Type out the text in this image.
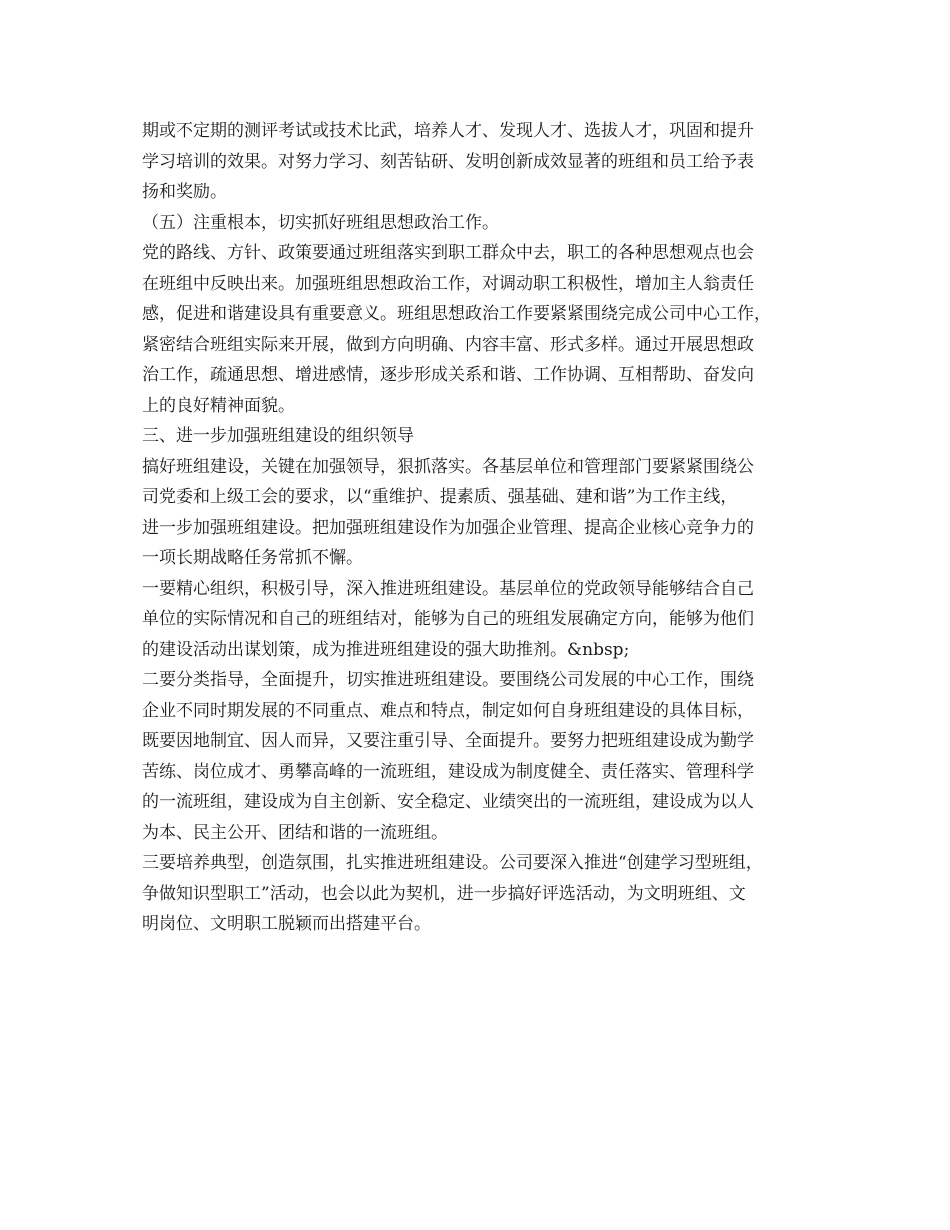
期或不定期的测评考试或技术比武，培养人才、发现人才、选拔人才，巩固和提升
学习培训的效果。对努力学习、刻苦钻研、发明创新成效显著的班组和员工给予表
扬和奖励。
（五）注重根本，切实抓好班组思想政治工作。
党的路线、方针、政策要通过班组落实到职工群众中去，职工的各种思想观点也会
在班组中反映出来。加强班组思想政治工作，对调动职工积极性，增加主人翁责任
感，促进和谐建设具有重要意义。班组思想政治工作要紧紧围绕完成公司中心工作，
紧密结合班组实际来开展，做到方向明确、内容丰富、形式多样。通过开展思想政
治工作，疏通思想、增进感情，逐步形成关系和谐、工作协调、互相帮助、奋发向
上的良好精神面貌。
三、进一步加强班组建设的组织领导
搞好班组建设，关键在加强领导，狠抓落实。各基层单位和管理部门要紧紧围绕公
司党委和上级工会的要求，以“重维护、提素质、强基础、建和谐”为工作主线，
进一步加强班组建设。把加强班组建设作为加强企业管理、提高企业核心竞争力的
一项长期战略任务常抓不懈。
一要精心组织，积极引导，深入推进班组建设。基层单位的党政领导能够结合自己
单位的实际情况和自己的班组结对，能够为自己的班组发展确定方向，能够为他们
的建设活动出谋划策，成为推进班组建设的强大助推剂。&nbsp;
二要分类指导，全面提升，切实推进班组建设。要围绕公司发展的中心工作，围绕
企业不同时期发展的不同重点、难点和特点，制定如何自身班组建设的具体目标，
既要因地制宜、因人而异，又要注重引导、全面提升。要努力把班组建设成为勤学
苦练、岗位成才、勇攀高峰的一流班组，建设成为制度健全、责任落实、管理科学
的一流班组，建设成为自主创新、安全稳定、业绩突出的一流班组，建设成为以人
为本、民主公开、团结和谐的一流班组。
三要培养典型，创造氛围，扎实推进班组建设。公司要深入推进“创建学习型班组，
争做知识型职工”活动，也会以此为契机，进一步搞好评选活动，为文明班组、文
明岗位、文明职工脱颖而出搭建平台。
